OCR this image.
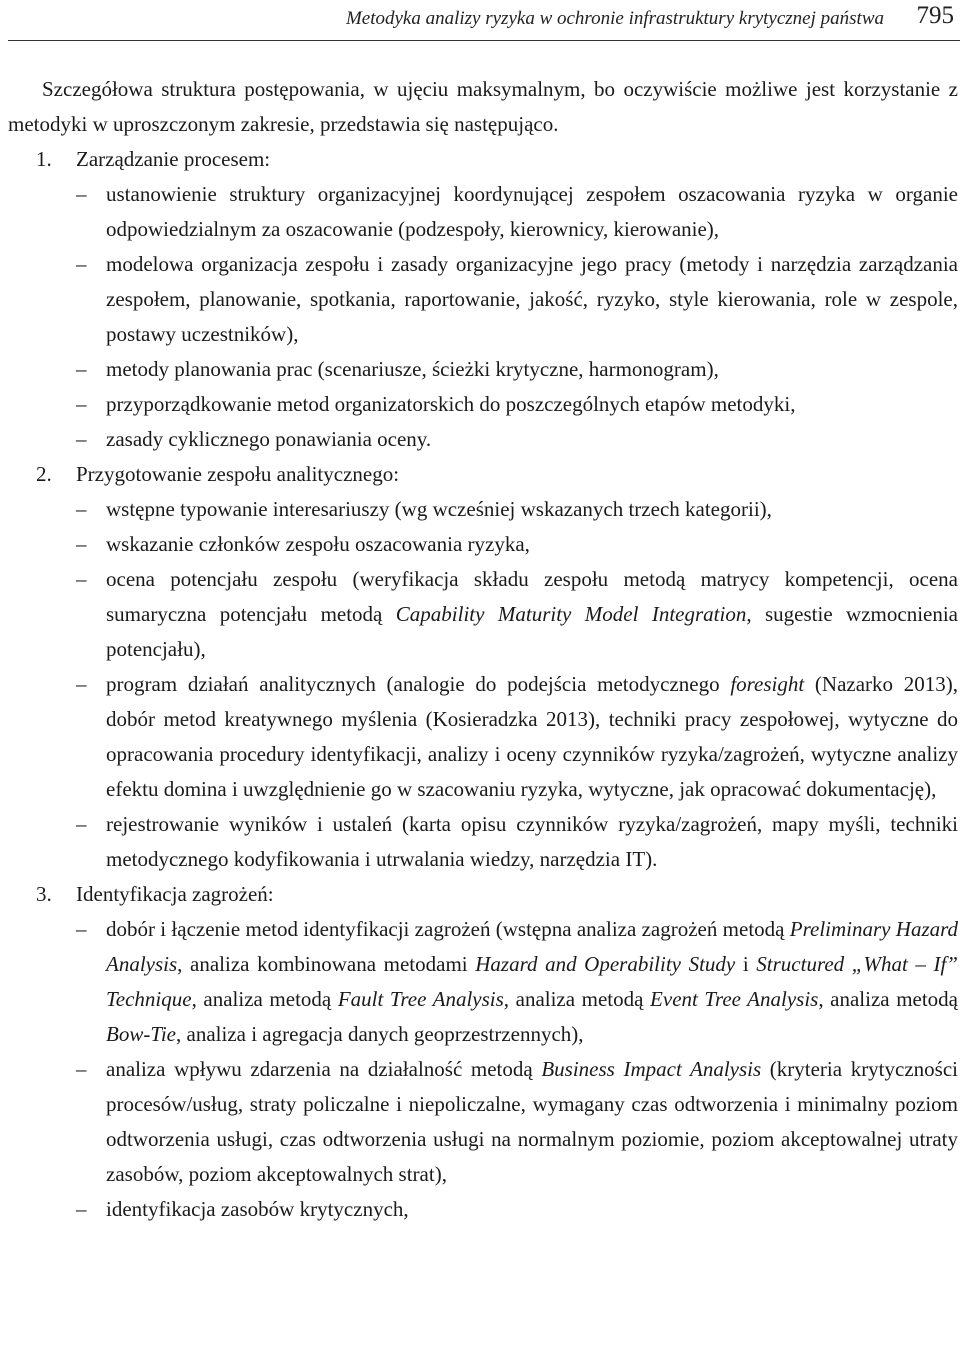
Metodyka analizy ryzyka w ochronie infrastruktury krytycznej państwa 795

Szczegółowa struktura postępowania, w ujęciu maksymalnym, bo oczywiście możliwe jest korzystanie z metodyki w uproszczonym zakresie, przedstawia się następująco.

1. Zarządzanie procesem:

– ustanowienie struktury organizacyjnej koordynującej zespołem oszacowania ryzyka w organie odpowiedzialnym za oszacowanie (podzespoły, kierownicy, kierowanie),
– modelowa organizacja zespołu i zasady organizacyjne jego pracy (metody i narzędzia zarządzania zespołem, planowanie, spotkania, raportowanie, jakość, ryzyko, style kierowania, role w zespole, postawy uczestników),
– metody planowania prac (scenariusze, ścieżki krytyczne, harmonogram),
– przyporządkowanie metod organizatorskich do poszczególnych etapów metodyki,
– zasady cyklicznego ponawiania oceny.

2. Przygotowanie zespołu analitycznego:

– wstępne typowanie interesariuszy (wg wcześniej wskazanych trzech kategorii),
– wskazanie członków zespołu oszacowania ryzyka,
– ocena potencjału zespołu (weryfikacja składu zespołu metodą matrycy kompetencji, ocena sumaryczna potencjału metodą Capability Maturity Model Integration, sugestie wzmocnienia potencjału),
– program działań analitycznych (analogie do podejścia metodycznego foresight (Nazarko 2013), dobór metod kreatywnego myślenia (Kosieradzka 2013), techniki pracy zespołowej, wytyczne do opracowania procedury identyfikacji, analizy i oceny czynników ryzyka/zagrożeń, wytyczne analizy efektu domina i uwzględnienie go w szacowaniu ryzyka, wytyczne, jak opracować dokumentację),
– rejestrowanie wyników i ustaleń (karta opisu czynników ryzyka/zagrożeń, mapy myśli, techniki metodycznego kodyfikowania i utrwalania wiedzy, narzędzia IT).

3. Identyfikacja zagrożeń:

– dobór i łączenie metod identyfikacji zagrożeń (wstępna analiza zagrożeń metodą Preliminary Hazard Analysis, analiza kombinowana metodami Hazard and Operability Study i Structured „What – If” Technique, analiza metodą Fault Tree Analysis, analiza metodą Event Tree Analysis, analiza metodą Bow-Tie, analiza i agregacja danych geoprzestrzennych),
– analiza wpływu zdarzenia na działalność metodą Business Impact Analysis (kryteria krytyczności procesów/usług, straty policzalne i niepoliczalne, wymagany czas odtworzenia i minimalny poziom odtworzenia usługi, czas odtworzenia usługi na normalnym poziomie, poziom akceptowalnej utraty zasobów, poziom akceptowalnych strat),
– identyfikacja zasobów krytycznych,
